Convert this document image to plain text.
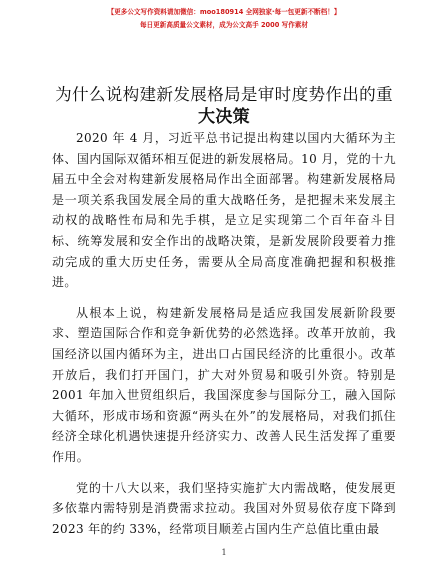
【更多公文写作资料请加微信：moo180914 全网独家·每一包更新不断档！】
每日更新高质量公文素材，成为公文高手 2000 写作素材
为什么说构建新发展格局是审时度势作出的重
大决策

2020 年 4 月，习近平总书记提出构建以国内大循环为主体、国内国际双循环相互促进的新发展格局。10 月，党的十九届五中全会对构建新发展格局作出全面部署。构建新发展格局是一项关系我国发展全局的重大战略任务，是把握未来发展主动权的战略性布局和先手棋，是立足实现第二个百年奋斗目标、统筹发展和安全作出的战略决策，是新发展阶段要着力推动完成的重大历史任务，需要从全局高度准确把握和积极推进。

从根本上说，构建新发展格局是适应我国发展新阶段要求、塑造国际合作和竞争新优势的必然选择。改革开放前，我国经济以国内循环为主，进出口占国民经济的比重很小。改革开放后，我们打开国门，扩大对外贸易和吸引外资。特别是 2001 年加入世贸组织后，我国深度参与国际分工，融入国际大循环，形成市场和资源“两头在外”的发展格局，对我们抓住经济全球化机遇快速提升经济实力、改善人民生活发挥了重要作用。

党的十八大以来，我们坚持实施扩大内需战略，使发展更多依靠内需特别是消费需求拉动。我国对外贸易依存度下降到 2023 年的约 33%，经常项目顺差占国内生产总值比重由最

1
